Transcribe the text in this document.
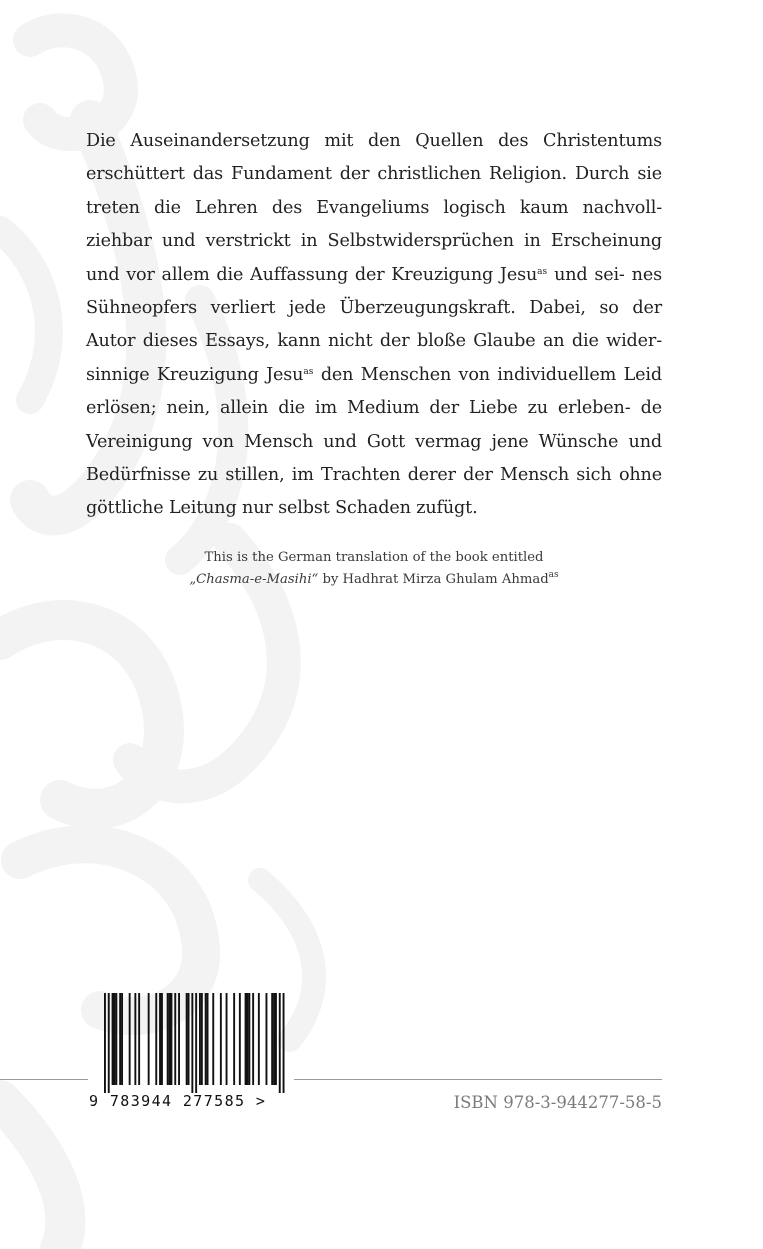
Die Auseinandersetzung mit den Quellen des Christentums erschüttert das Fundament der christlichen Religion. Durch sie treten die Lehren des Evangeliums logisch kaum nachvoll- ziehbar und verstrickt in Selbstwidersprüchen in Erscheinung und vor allem die Auffassung der Kreuzigung Jesu$^{as}$ und sei- nes Sühneopfers verliert jede Überzeugungskraft. Dabei, so der Autor dieses Essays, kann nicht der bloße Glaube an die wider- sinnige Kreuzigung Jesu$^{as}$ den Menschen von individuellem Leid erlösen; nein, allein die im Medium der Liebe zu erleben- de Vereinigung von Mensch und Gott vermag jene Wünsche und Bedürfnisse zu stillen, im Trachten derer der Mensch sich ohne göttliche Leitung nur selbst Schaden zufügt.

This is the German translation of the book entitled
„Chasma-e-Masihi“ by Hadhrat Mirza Ghulam Ahmad$^{as}$
9 783944 277585 >	ISBN 978-3-944277-58-5
